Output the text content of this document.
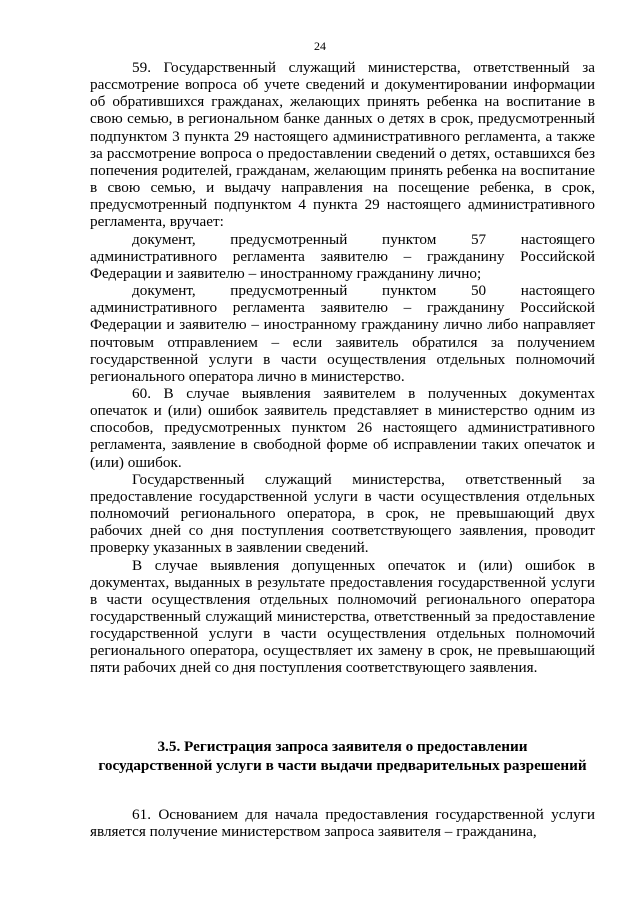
24

59. Государственный служащий министерства, ответственный за рассмотрение вопроса об учете сведений и документировании информации об обратившихся гражданах, желающих принять ребенка на воспитание в свою семью, в региональном банке данных о детях в срок, предусмотренный подпунктом 3 пункта 29 настоящего административного регламента, а также за рассмотрение вопроса о предоставлении сведений о детях, оставшихся без попечения родителей, гражданам, желающим принять ребенка на воспитание в свою семью, и выдачу направления на посещение ребенка, в срок, предусмотренный подпунктом 4 пункта 29 настоящего административного регламента, вручает:

документ, предусмотренный пунктом 57 настоящего административного регламента заявителю – гражданину Российской Федерации и заявителю – иностранному гражданину лично;

документ, предусмотренный пунктом 50 настоящего административного регламента заявителю – гражданину Российской Федерации и заявителю – иностранному гражданину лично либо направляет почтовым отправлением – если заявитель обратился за получением государственной услуги в части осуществления отдельных полномочий регионального оператора лично в министерство.

60. В случае выявления заявителем в полученных документах опечаток и (или) ошибок заявитель представляет в министерство одним из способов, предусмотренных пунктом 26 настоящего административного регламента, заявление в свободной форме об исправлении таких опечаток и (или) ошибок.

Государственный служащий министерства, ответственный за предоставление государственной услуги в части осуществления отдельных полномочий регионального оператора, в срок, не превышающий двух рабочих дней со дня поступления соответствующего заявления, проводит проверку указанных в заявлении сведений.

В случае выявления допущенных опечаток и (или) ошибок в документах, выданных в результате предоставления государственной услуги в части осуществления отдельных полномочий регионального оператора государственный служащий министерства, ответственный за предоставление государственной услуги в части осуществления отдельных полномочий регионального оператора, осуществляет их замену в срок, не превышающий пяти рабочих дней со дня поступления соответствующего заявления.

3.5. Регистрация запроса заявителя о предоставлении
государственной услуги в части выдачи предварительных разрешений

61. Основанием для начала предоставления государственной услуги является получение министерством запроса заявителя – гражданина,
